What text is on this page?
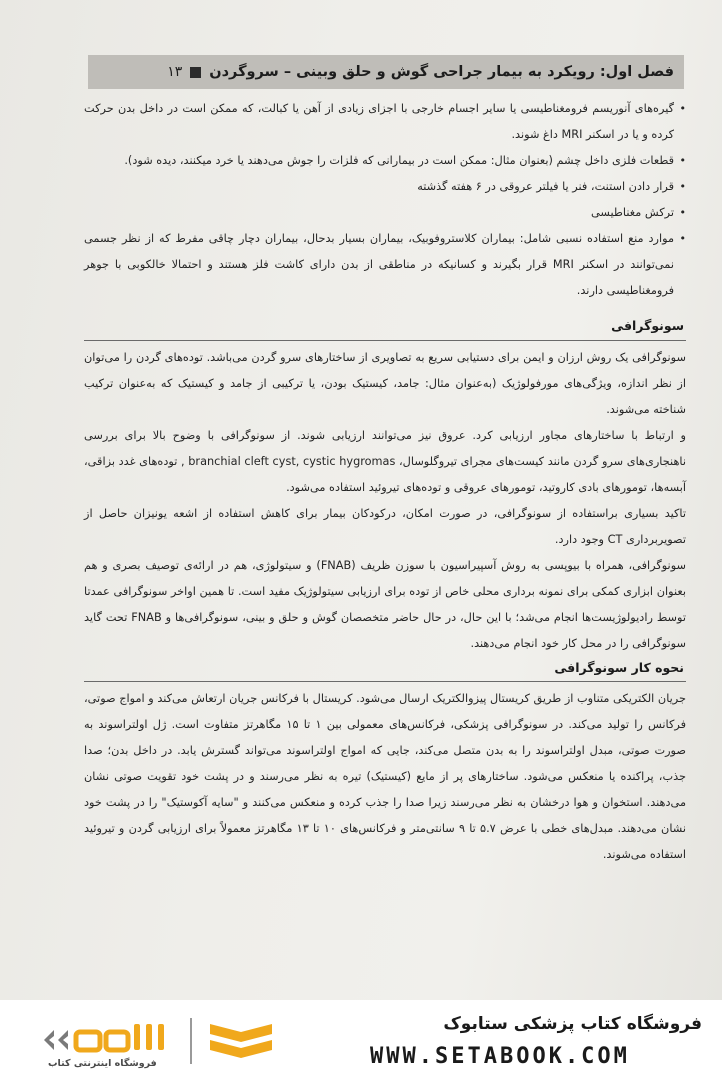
فصل اول: رویکرد به بیمار جراحی گوش و حلق وبینی – سروگردن
۱۳

• گیره‌های آنوریسم فرومغناطیسی یا سایر اجسام خارجی با اجزای زیادی از آهن یا کبالت، که ممکن است در داخل بدن حرکت کرده و یا در اسکنر MRI داغ شوند.

• قطعات فلزی داخل چشم (بعنوان مثال: ممکن است در بیمارانی که فلزات را جوش می‌دهند یا خرد میکنند، دیده شود).

• قرار دادن استنت، فنر یا فیلتر عروقی در ۶ هفته گذشته

• ترکش مغناطیسی

• موارد منع استفاده نسبی شامل: بیماران کلاستروفوبیک، بیماران بسیار بدحال، بیماران دچار چاقی مفرط که از نظر جسمی نمی‌توانند در اسکنر MRI قرار بگیرند و کسانیکه در مناطقی از بدن دارای کاشت فلز هستند و احتمالا خالکوبی با جوهر فرومغناطیسی دارند.

سونوگرافی

سونوگرافی یک روش ارزان و ایمن برای دستیابی سریع به تصاویری از ساختارهای سرو گردن می‌باشد. توده‌های گردن را می‌توان از نظر اندازه، ویژگی‌های مورفولوژیک (به‌عنوان مثال: جامد، کیستیک بودن، یا ترکیبی از جامد و کیستیک که به‌عنوان ترکیب شناخته می‌شوند.

و ارتباط با ساختارهای مجاور ارزیابی کرد. عروق نیز می‌توانند ارزیابی شوند. از سونوگرافی با وضوح بالا برای بررسی ناهنجاری‌های سرو گردن مانند کیست‌های مجرای تیروگلوسال، branchial cleft cyst, cystic hygromas , توده‌های غدد بزاقی، آبسه‌ها، تومورهای بادی کاروتید، تومورهای عروقی و توده‌های تیروئید استفاده می‌شود.

تاکید بسیاری براستفاده از سونوگرافی، در صورت امکان، درکودکان بیمار برای کاهش استفاده از اشعه یونیزان حاصل از تصویربرداری CT وجود دارد.

سونوگرافی، همراه با بیوپسی به روش آسپیراسیون با سوزن ظریف (FNAB) و سیتولوژی، هم در ارائه‌ی توصیف بصری و هم بعنوان ابزاری کمکی برای نمونه برداری محلی خاص از توده برای ارزیابی سیتولوژیک مفید است. تا همین اواخر سونوگرافی عمدتا توسط رادیولوژیست‌ها انجام می‌شد؛ با این حال، در حال حاضر متخصصان گوش و حلق و بینی، سونوگرافی‌ها و FNAB تحت گاید سونوگرافی را در محل کار خود انجام می‌دهند.

نحوه کار سونوگرافی

جریان الکتریکی متناوب از طریق کریستال پیزوالکتریک ارسال می‌شود. کریستال با فرکانس جریان ارتعاش می‌کند و امواج صوتی، فرکانس را تولید می‌کند. در سونوگرافی پزشکی، فرکانس‌های معمولی بین ۱ تا ۱۵ مگاهرتز متفاوت است. ژل اولتراسوند به صورت صوتی، مبدل اولتراسوند را به بدن متصل می‌کند، جایی که امواج اولتراسوند می‌تواند گسترش یابد. در داخل بدن؛ صدا جذب، پراکنده یا منعکس می‌شود. ساختارهای پر از مایع (کیستیک) تیره به نظر می‌رسند و در پشت خود تقویت صوتی نشان می‌دهند. استخوان و هوا درخشان به نظر می‌رسند زیرا صدا را جذب کرده و منعکس می‌کنند و "سایه آکوستیک" را در پشت خود نشان می‌دهند. مبدل‌های خطی با عرض ۵.۷ تا ۹ سانتی‌متر و فرکانس‌های ۱۰ تا ۱۳ مگاهرتز معمولاً برای ارزیابی گردن و تیروئید استفاده می‌شوند.

فروشگاه کتاب پزشکی ستابوک
WWW.SETABOOK.COM
فروشگاه اینترنتی کتاب
